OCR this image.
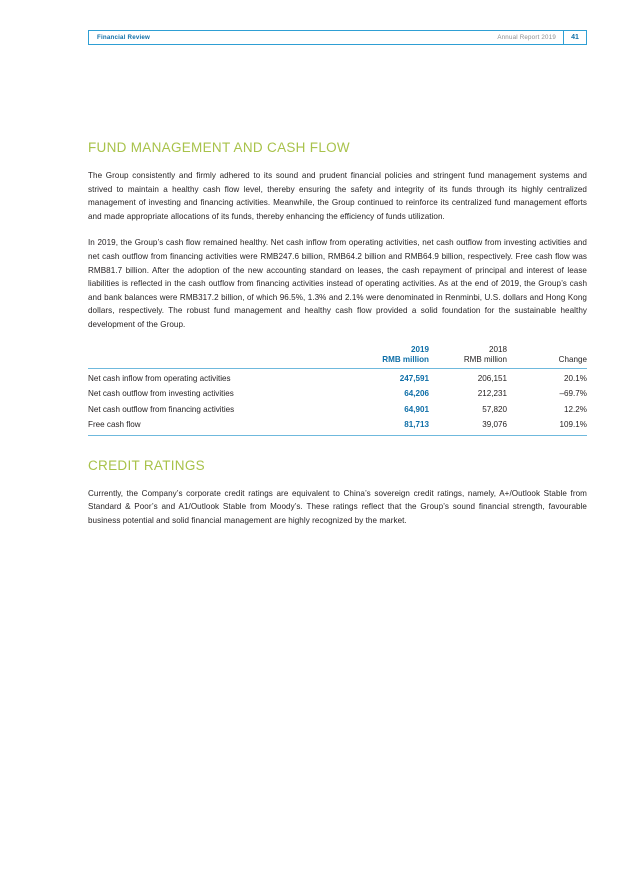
Financial Review	Annual Report 2019	41
FUND MANAGEMENT AND CASH FLOW

The Group consistently and firmly adhered to its sound and prudent financial policies and stringent fund management systems and strived to maintain a healthy cash flow level, thereby ensuring the safety and integrity of its funds through its highly centralized management of investing and financing activities. Meanwhile, the Group continued to reinforce its centralized fund management efforts and made appropriate allocations of its funds, thereby enhancing the efficiency of funds utilization.

In 2019, the Group’s cash flow remained healthy. Net cash inflow from operating activities, net cash outflow from investing activities and net cash outflow from financing activities were RMB247.6 billion, RMB64.2 billion and RMB64.9 billion, respectively. Free cash flow was RMB81.7 billion. After the adoption of the new accounting standard on leases, the cash repayment of principal and interest of lease liabilities is reflected in the cash outflow from financing activities instead of operating activities. As at the end of 2019, the Group’s cash and bank balances were RMB317.2 billion, of which 96.5%, 1.3% and 2.1% were denominated in Renminbi, U.S. dollars and Hong Kong dollars, respectively. The robust fund management and healthy cash flow provided a solid foundation for the sustainable healthy development of the Group.

	2019	2018	
	RMB million	RMB million	Change

Net cash inflow from operating activities	247,591	206,151	20.1%
Net cash outflow from investing activities	64,206	212,231	–69.7%
Net cash outflow from financing activities	64,901	57,820	12.2%
Free cash flow	81,713	39,076	109.1%

CREDIT RATINGS

Currently, the Company’s corporate credit ratings are equivalent to China’s sovereign credit ratings, namely, A+/Outlook Stable from Standard & Poor’s and A1/Outlook Stable from Moody’s. These ratings reflect that the Group’s sound financial strength, favourable business potential and solid financial management are highly recognized by the market.
